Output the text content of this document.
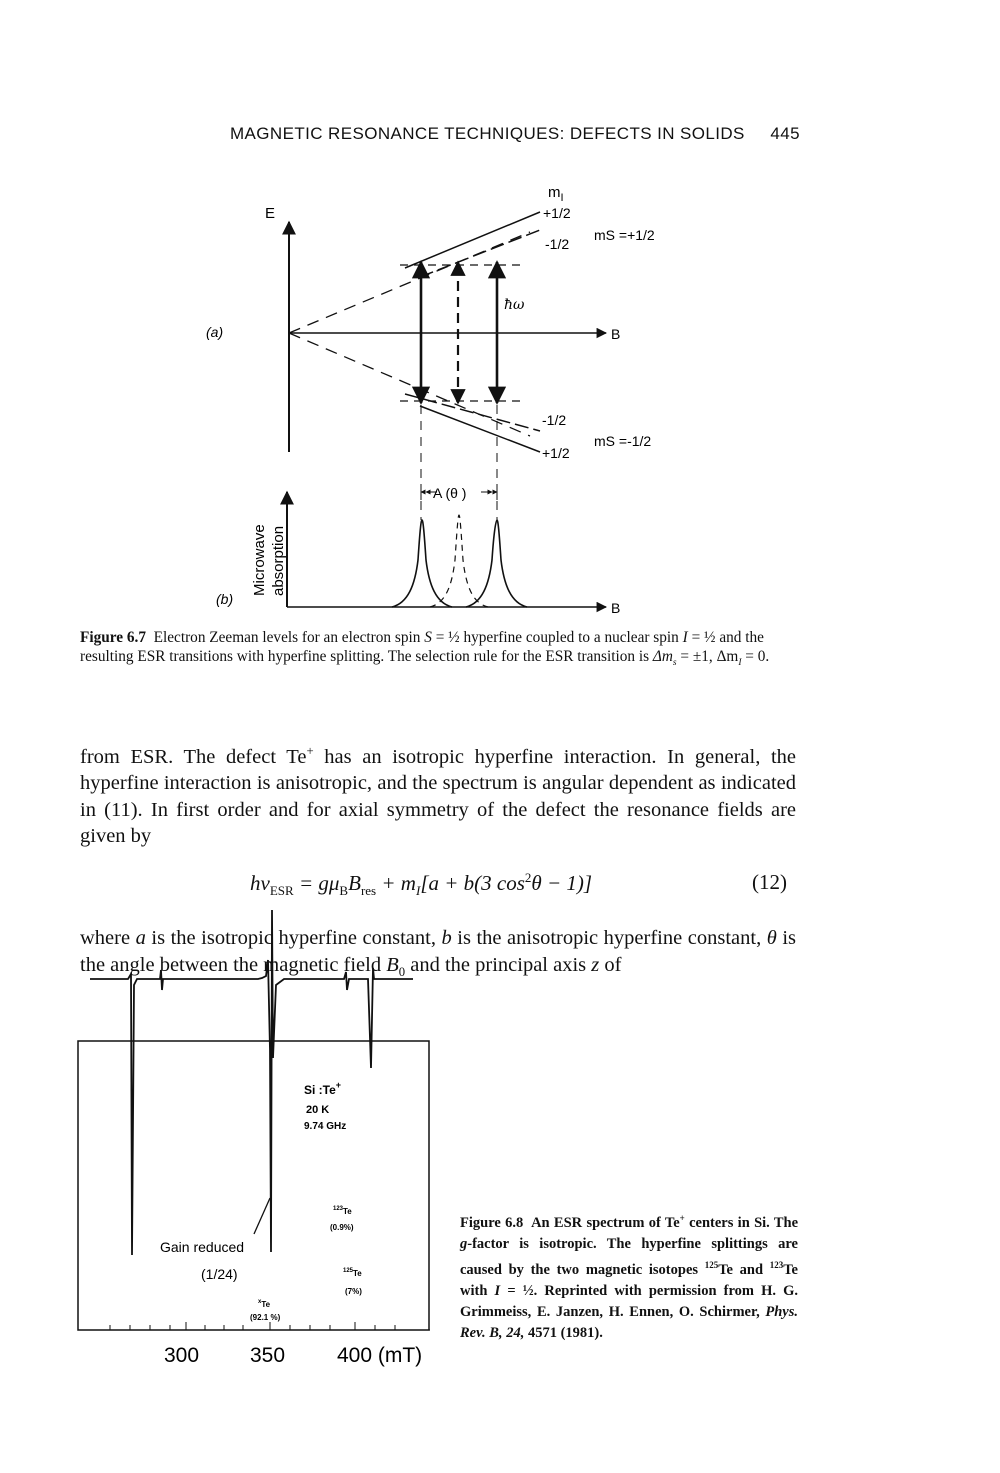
MAGNETIC RESONANCE TECHNIQUES: DEFECTS IN SOLIDS 445
(a)
E
B
$m_I$
+1/2
-1/2
-1/2
+1/2
mS =+1/2
mS =-1/2
ħω
A (θ )
B
(b)
Microwave absorption
Si :Te+
20 K
9.74 GHz
Gain reduced
(1/24)
$^x$Te
(92.1 %)
$^{123}$Te
(0.9%)
$^{125}$Te
(7%)
300 350 400 (mT)
Figure 6.7 Electron Zeeman levels for an electron spin S = ½ hyperfine coupled to a nuclear spin I = ½ and the resulting ESR transitions with hyperfine splitting. The selection rule for the ESR transition is $\Delta m_s = \pm 1$, $\Delta m_I = 0$.
from ESR. The defect Te+ has an isotropic hyperfine interaction. In general, the hyperfine interaction is anisotropic, and the spectrum is angular dependent as indicated in (11). In first order and for axial symmetry of the defect the resonance fields are given by
$h\nu_{ESR} = g\mu_BB_{res} + m_I[a + b(3$ $\cos^2\theta - 1$)]	(12)
where a is the isotropic hyperfine constant, b is the anisotropic hyperfine constant, θ is the angle between the magnetic field $B_0$ and the principal axis z of
Figure 6.8 An ESR spectrum of Te+ centers in Si. The g-factor is isotropic. The hyperfine splittings are caused by the two magnetic isotopes $^{125}$Te and $^{123}$Te with I = ½. Reprinted with permission from H. G. Grimmeiss, E. Janzen, H. Ennen, O. Schirmer, Phys. Rev. B, 24, 4571 (1981).
